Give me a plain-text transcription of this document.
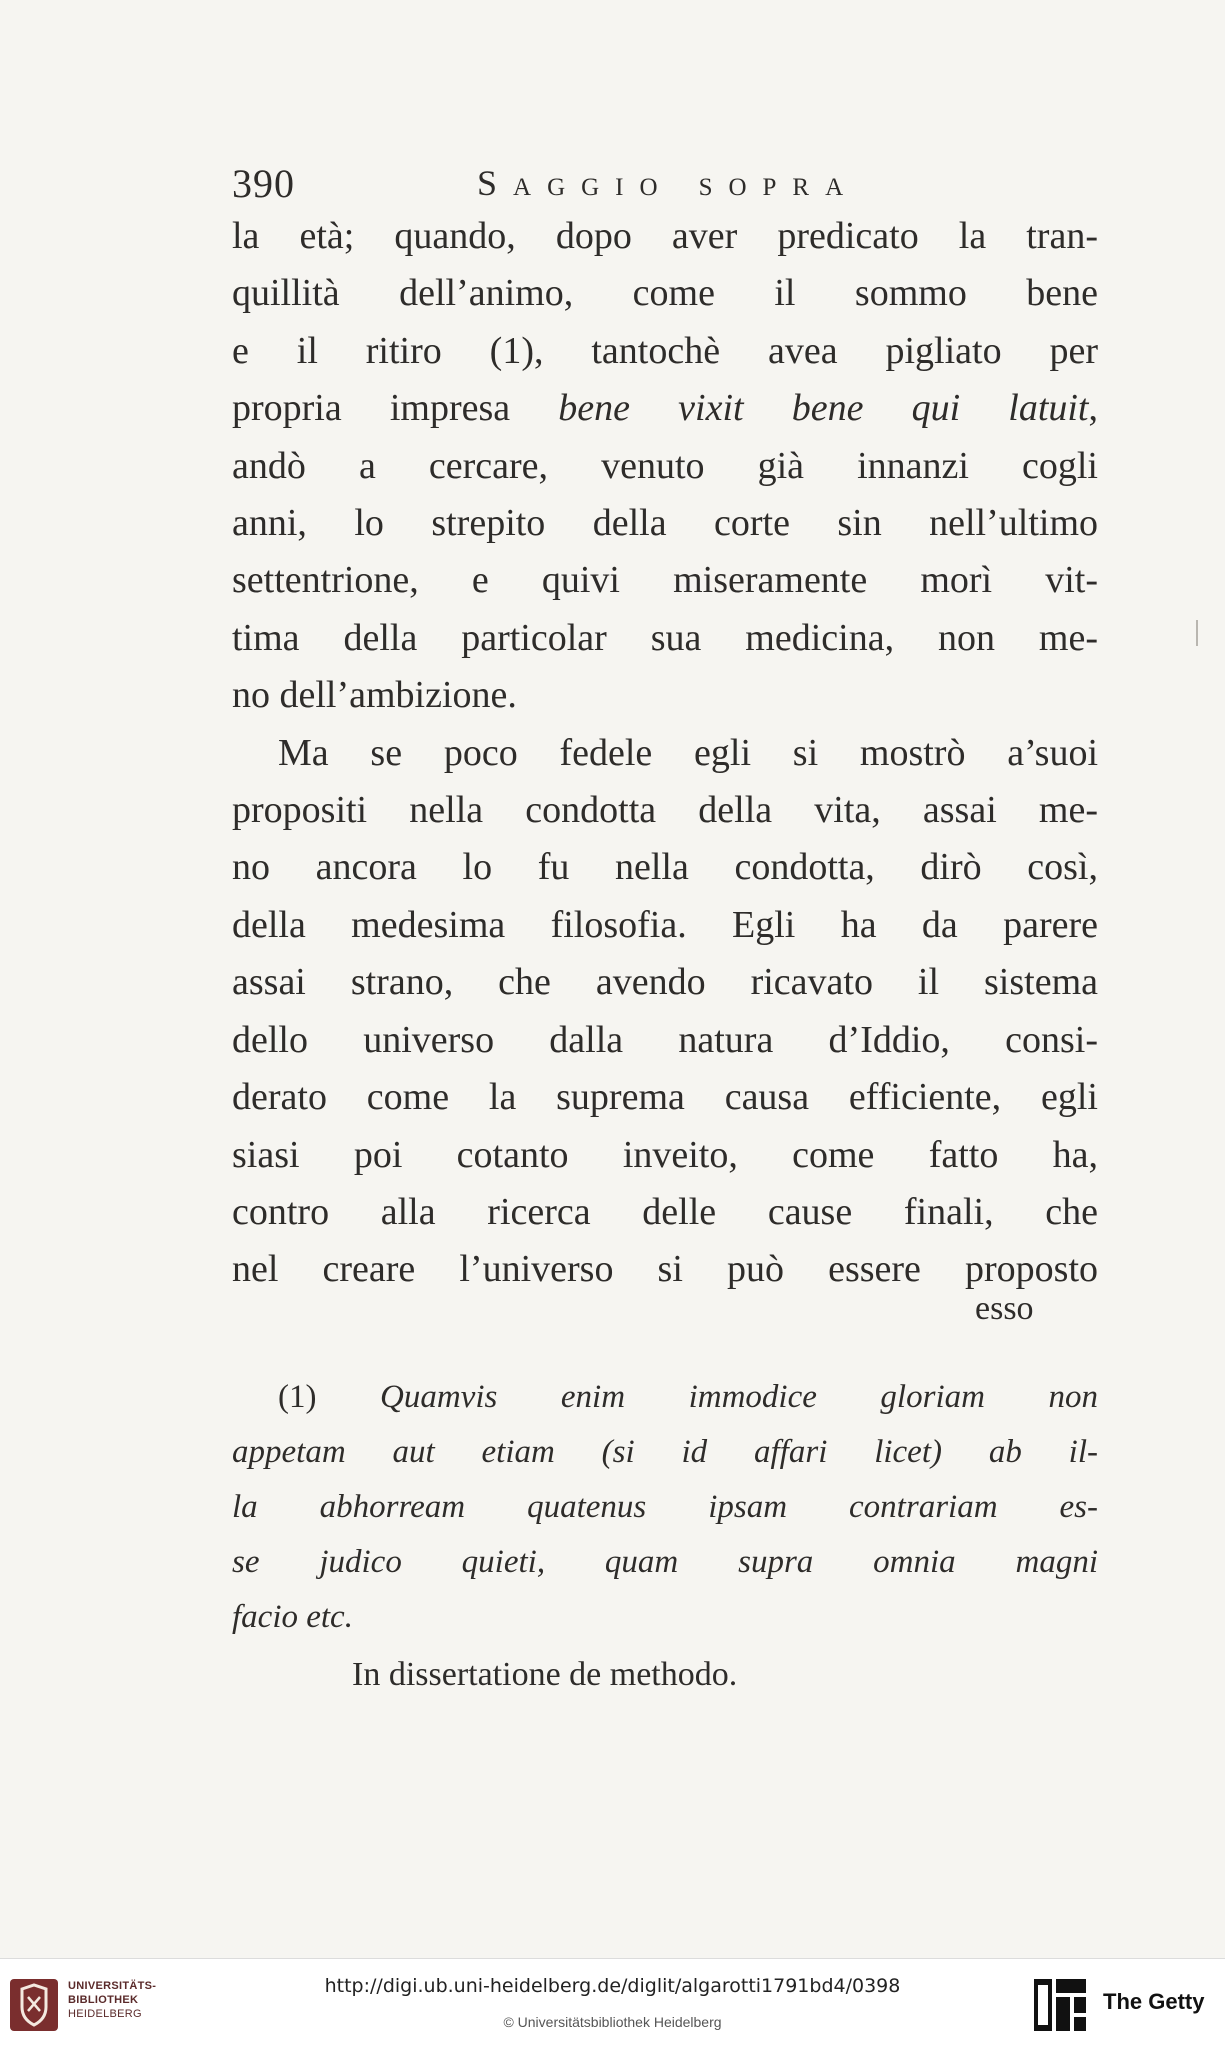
390	Saggio sopra
la età; quando, dopo aver predicato la tran-
quillità dell’animo, come il sommo bene
e il ritiro (1), tantochè avea pigliato per
propria impresa bene vixit bene qui latuit,
andò a cercare, venuto già innanzi cogli
anni, lo strepito della corte sin nell’ultimo
settentrione, e quivi miseramente morì vit-
tima della particolar sua medicina, non me-
no dell’ambizione.
Ma se poco fedele egli si mostrò a’suoi
propositi nella condotta della vita, assai me-
no ancora lo fu nella condotta, dirò così,
della medesima filosofia. Egli ha da parere
assai strano, che avendo ricavato il sistema
dello universo dalla natura d’Iddio, consi-
derato come la suprema causa efficiente, egli
siasi poi cotanto inveito, come fatto ha,
contro alla ricerca delle cause finali, che
nel creare l’universo si può essere proposto
esso
(1) Quamvis enim immodice gloriam non
appetam aut etiam (si id affari licet) ab il-
la abhorream quatenus ipsam contrariam es-
se judico quieti, quam supra omnia magni
facio etc.
In dissertatione de methodo.
UNIVERSITÄTS-
BIBLIOTHEK
HEIDELBERG
http://digi.ub.uni-heidelberg.de/diglit/algarotti1791bd4/0398
© Universitätsbibliothek Heidelberg
The Getty
